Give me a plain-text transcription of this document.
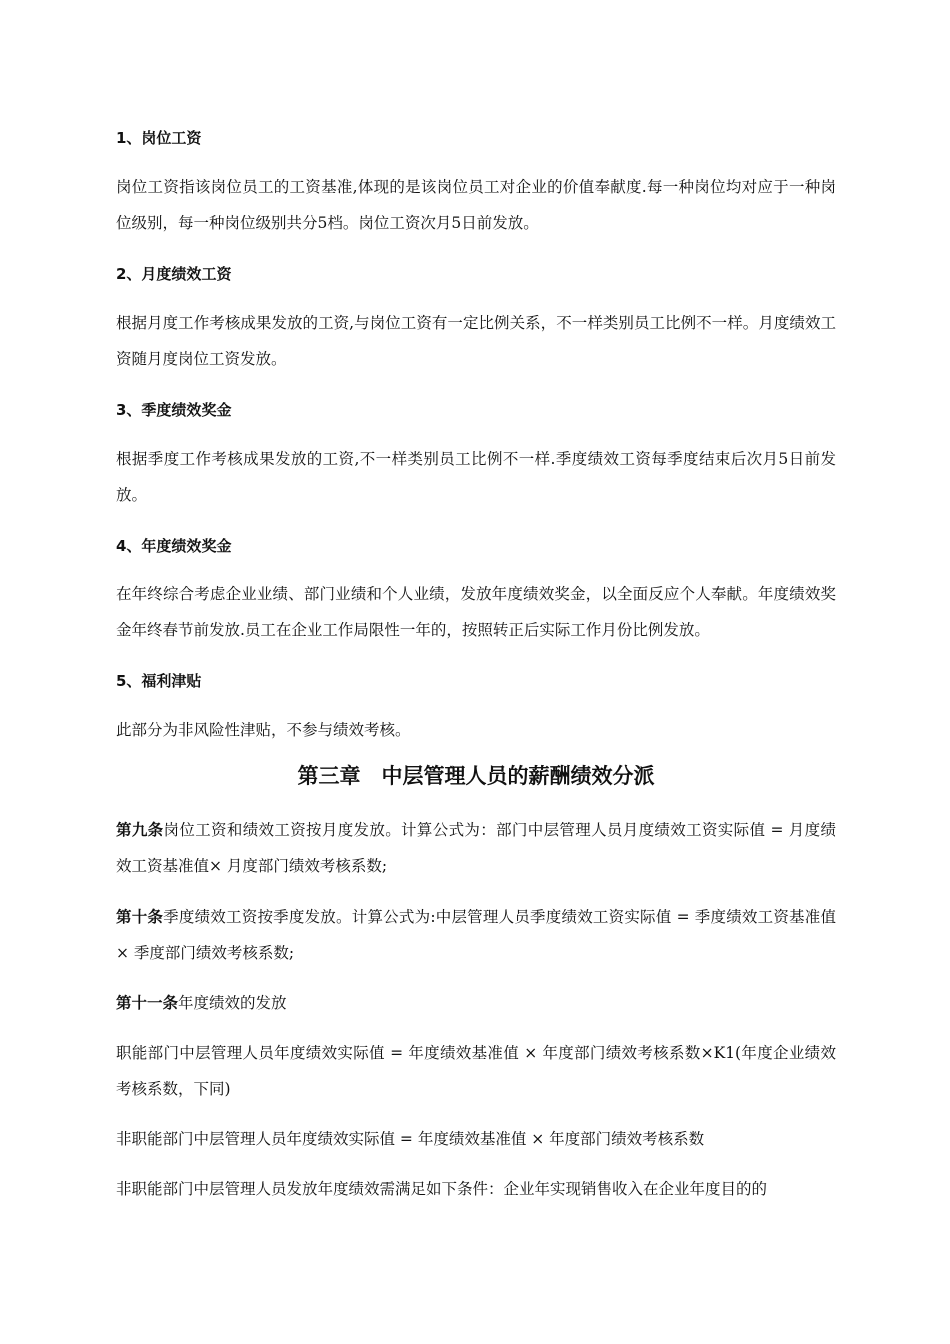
1、岗位工资
岗位工资指该岗位员工的工资基准,体现的是该岗位员工对企业的价值奉献度.每一种岗位均对应于一种岗位级别，每一种岗位级别共分5档。岗位工资次月5日前发放。
2、月度绩效工资
根据月度工作考核成果发放的工资,与岗位工资有一定比例关系，不一样类别员工比例不一样。月度绩效工资随月度岗位工资发放。
3、季度绩效奖金
根据季度工作考核成果发放的工资,不一样类别员工比例不一样.季度绩效工资每季度结束后次月5日前发放。
4、年度绩效奖金
在年终综合考虑企业业绩、部门业绩和个人业绩，发放年度绩效奖金，以全面反应个人奉献。年度绩效奖金年终春节前发放.员工在企业工作局限性一年的，按照转正后实际工作月份比例发放。
5、福利津贴
此部分为非风险性津贴，不参与绩效考核。
第三章　中层管理人员的薪酬绩效分派
第九条岗位工资和绩效工资按月度发放。计算公式为：部门中层管理人员月度绩效工资实际值 = 月度绩效工资基准值× 月度部门绩效考核系数;
第十条季度绩效工资按季度发放。计算公式为:中层管理人员季度绩效工资实际值 = 季度绩效工资基准值× 季度部门绩效考核系数;
第十一条年度绩效的发放
职能部门中层管理人员年度绩效实际值 = 年度绩效基准值 × 年度部门绩效考核系数×K1(年度企业绩效考核系数，下同)
非职能部门中层管理人员年度绩效实际值 = 年度绩效基准值 × 年度部门绩效考核系数
非职能部门中层管理人员发放年度绩效需满足如下条件：企业年实现销售收入在企业年度目的的
